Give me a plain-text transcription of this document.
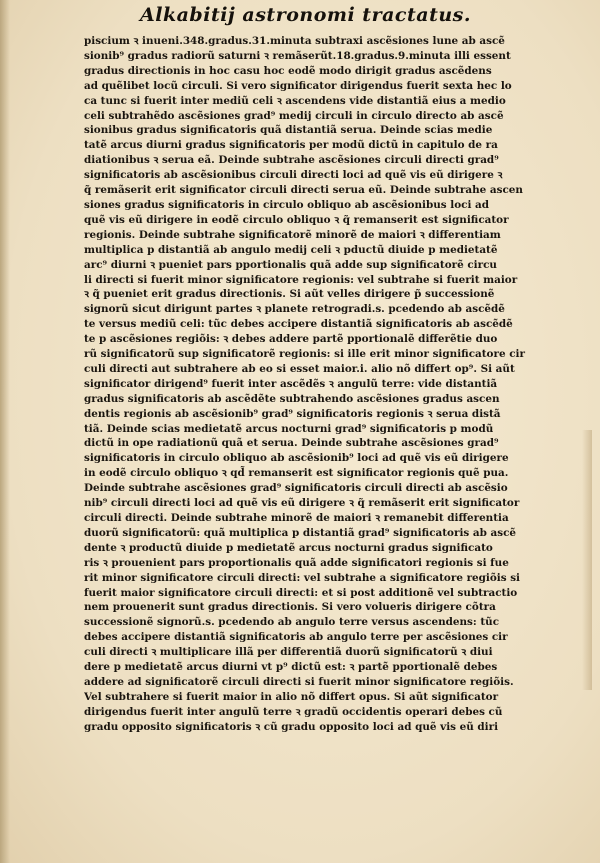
Alkabitij astronomi tractatus.
piscium ꝛ inueni.348.gradus.31.minuta subtraxi ascẽsiones lune ab ascẽ
sionib⁹ gradus radiorũ saturni ꝛ remãserũt.18.gradus.9.minuta illi essent
gradus directionis in hoc casu hoc eodẽ modo dirigit gradus ascẽdens
ad quẽlibet locũ circuli. Si vero significator dirigendus fuerit sexta hec lo
ca tunc si fuerit inter mediũ celi ꝛ ascendens vide distantiã eius a medio
celi subtrahẽdo ascẽsiones grad⁹ medij circuli in circulo directo ab ascẽ
sionibus gradus significatoris quã distantiã serua. Deinde scias medie
tatẽ arcus diurni gradus significatoris per modũ dictũ in capitulo de ra
diationibus ꝛ serua eã. Deinde subtrahe ascẽsiones circuli directi grad⁹
significatoris ab ascẽsionibus circuli directi loci ad quẽ vis eũ dirigere ꝛ
q̃ remãserit erit significator circuli directi serua eũ. Deinde subtrahe ascen
siones gradus significatoris in circulo obliquo ab ascẽsionibus loci ad
quẽ vis eũ dirigere in eodẽ circulo obliquo ꝛ q̃ remanserit est significator
regionis. Deinde subtrahe significatorẽ minorẽ de maiori ꝛ differentiam
multiplica p distantiã ab angulo medij celi ꝛ pductũ diuide p medietatẽ
arc⁹ diurni ꝛ pueniet pars pportionalis quã adde sup significatorẽ circu
li directi si fuerit minor significatore regionis: vel subtrahe si fuerit maior
ꝛ q̃ pueniet erit gradus directionis. Si aũt velles dirigere p̃ successionẽ
signorũ sicut dirigunt partes ꝛ planete retrogradi.s. pcedendo ab ascẽdẽ
te versus mediũ celi: tũc debes accipere distantiã significatoris ab ascẽdẽ
te p ascẽsiones regiõis: ꝛ debes addere partẽ pportionalẽ differẽtie duo
rũ significatorũ sup significatorẽ regionis: si ille erit minor significatore cir
culi directi aut subtrahere ab eo si esset maior.i. alio nõ differt op⁹. Si aũt
significator dirigend⁹ fuerit inter ascẽdẽs ꝛ angulũ terre: vide distantiã
gradus significatoris ab ascẽdẽte subtrahendo ascẽsiones gradus ascen
dentis regionis ab ascẽsionib⁹ grad⁹ significatoris regionis ꝛ serua distã
tiã. Deinde scias medietatẽ arcus nocturni grad⁹ significatoris p modũ
dictũ in ope radiationũ quã et serua. Deinde subtrahe ascẽsiones grad⁹
significatoris in circulo obliquo ab ascẽsionib⁹ loci ad quẽ vis eũ dirigere
in eodẽ circulo obliquo ꝛ qd̃ remanserit est significator regionis quẽ pua.
Deinde subtrahe ascẽsiones grad⁹ significatoris circuli directi ab ascẽsio
nib⁹ circuli directi loci ad quẽ vis eũ dirigere ꝛ q̃ remãserit erit significator
circuli directi. Deinde subtrahe minorẽ de maiori ꝛ remanebit differentia
duorũ significatorũ: quã multiplica p distantiã grad⁹ significatoris ab ascẽ
dente ꝛ productũ diuide p medietatẽ arcus nocturni gradus significato
ris ꝛ prouenient pars proportionalis quã adde significatori regionis si fue
rit minor significatore circuli directi: vel subtrahe a significatore regiõis si
fuerit maior significatore circuli directi: et si post additionẽ vel subtractio
nem prouenerit sunt gradus directionis. Si vero volueris dirigere cõtra
successionẽ signorũ.s. pcedendo ab angulo terre versus ascendens: tũc
debes accipere distantiã significatoris ab angulo terre per ascẽsiones cir
culi directi ꝛ multiplicare illã per differentiã duorũ significatorũ ꝛ diui
dere p medietatẽ arcus diurni vt p⁹ dictũ est: ꝛ partẽ pportionalẽ debes
addere ad significatorẽ circuli directi si fuerit minor significatore regiõis.
Vel subtrahere si fuerit maior in alio nõ differt opus. Si aũt significator
dirigendus fuerit inter angulũ terre ꝛ gradũ occidentis operari debes cũ
gradu opposito significatoris ꝛ cũ gradu opposito loci ad quẽ vis eũ diri
